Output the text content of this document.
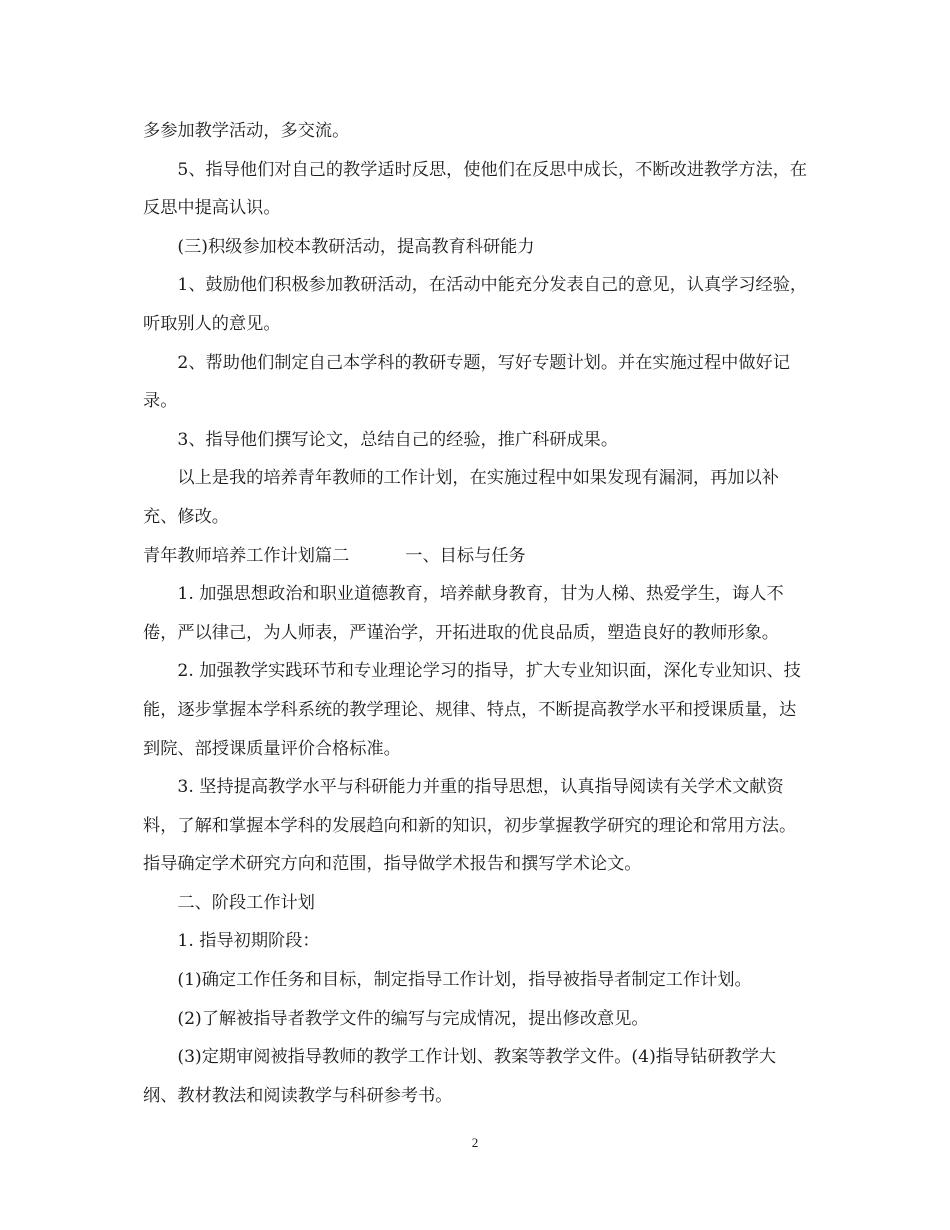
多参加教学活动，多交流。

5、指导他们对自己的教学适时反思，使他们在反思中成长，不断改进教学方法，在反思中提高认识。

(三)积级参加校本教研活动，提高教育科研能力

1、鼓励他们积极参加教研活动，在活动中能充分发表自己的意见，认真学习经验，听取别人的意见。

2、帮助他们制定自己本学科的教研专题，写好专题计划。并在实施过程中做好记录。

3、指导他们撰写论文，总结自己的经验，推广科研成果。

以上是我的培养青年教师的工作计划，在实施过程中如果发现有漏洞，再加以补充、修改。

青年教师培养工作计划篇二	一、目标与任务

1. 加强思想政治和职业道德教育，培养献身教育，甘为人梯、热爱学生，诲人不倦，严以律己，为人师表，严谨治学，开拓进取的优良品质，塑造良好的教师形象。

2. 加强教学实践环节和专业理论学习的指导，扩大专业知识面，深化专业知识、技能，逐步掌握本学科系统的教学理论、规律、特点，不断提高教学水平和授课质量，达到院、部授课质量评价合格标准。

3. 坚持提高教学水平与科研能力并重的指导思想，认真指导阅读有关学术文献资料，了解和掌握本学科的发展趋向和新的知识，初步掌握教学研究的理论和常用方法。指导确定学术研究方向和范围，指导做学术报告和撰写学术论文。

二、阶段工作计划

1. 指导初期阶段：

(1)确定工作任务和目标，制定指导工作计划，指导被指导者制定工作计划。

(2)了解被指导者教学文件的编写与完成情况，提出修改意见。

(3)定期审阅被指导教师的教学工作计划、教案等教学文件。(4)指导钻研教学大纲、教材教法和阅读教学与科研参考书。

2
